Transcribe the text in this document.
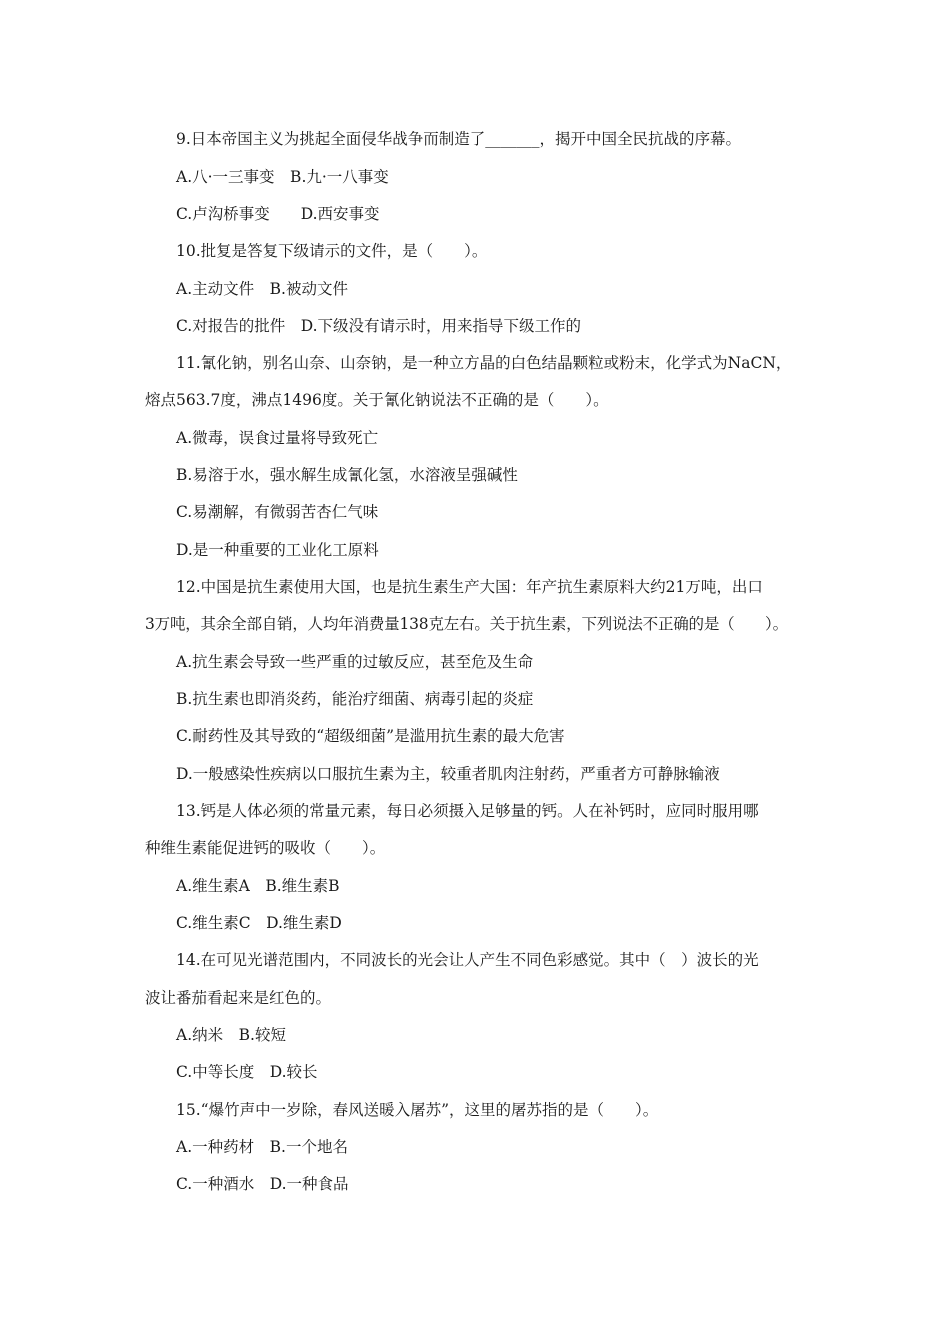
9.日本帝国主义为挑起全面侵华战争而制造了_______，揭开中国全民抗战的序幕。
A.八·一三事变　B.九·一八事变
C.卢沟桥事变　　D.西安事变
10.批复是答复下级请示的文件，是（　　）。
A.主动文件　B.被动文件
C.对报告的批件　D.下级没有请示时，用来指导下级工作的
11.氰化钠，别名山奈、山奈钠，是一种立方晶的白色结晶颗粒或粉末，化学式为NaCN，
熔点563.7度，沸点1496度。关于氰化钠说法不正确的是（　　）。
A.微毒，误食过量将导致死亡
B.易溶于水，强水解生成氰化氢，水溶液呈强碱性
C.易潮解，有微弱苦杏仁气味
D.是一种重要的工业化工原料
12.中国是抗生素使用大国，也是抗生素生产大国：年产抗生素原料大约21万吨，出口
3万吨，其余全部自销，人均年消费量138克左右。关于抗生素，下列说法不正确的是（　　）。
A.抗生素会导致一些严重的过敏反应，甚至危及生命
B.抗生素也即消炎药，能治疗细菌、病毒引起的炎症
C.耐药性及其导致的“超级细菌”是滥用抗生素的最大危害
D.一般感染性疾病以口服抗生素为主，较重者肌肉注射药，严重者方可静脉输液
13.钙是人体必须的常量元素，每日必须摄入足够量的钙。人在补钙时，应同时服用哪
种维生素能促进钙的吸收（　　）。
A.维生素A　B.维生素B
C.维生素C　D.维生素D
14.在可见光谱范围内，不同波长的光会让人产生不同色彩感觉。其中（　）波长的光
波让番茄看起来是红色的。
A.纳米　B.较短
C.中等长度　D.较长
15.“爆竹声中一岁除，春风送暖入屠苏”，这里的屠苏指的是（　　）。
A.一种药材　B.一个地名
C.一种酒水　D.一种食品
